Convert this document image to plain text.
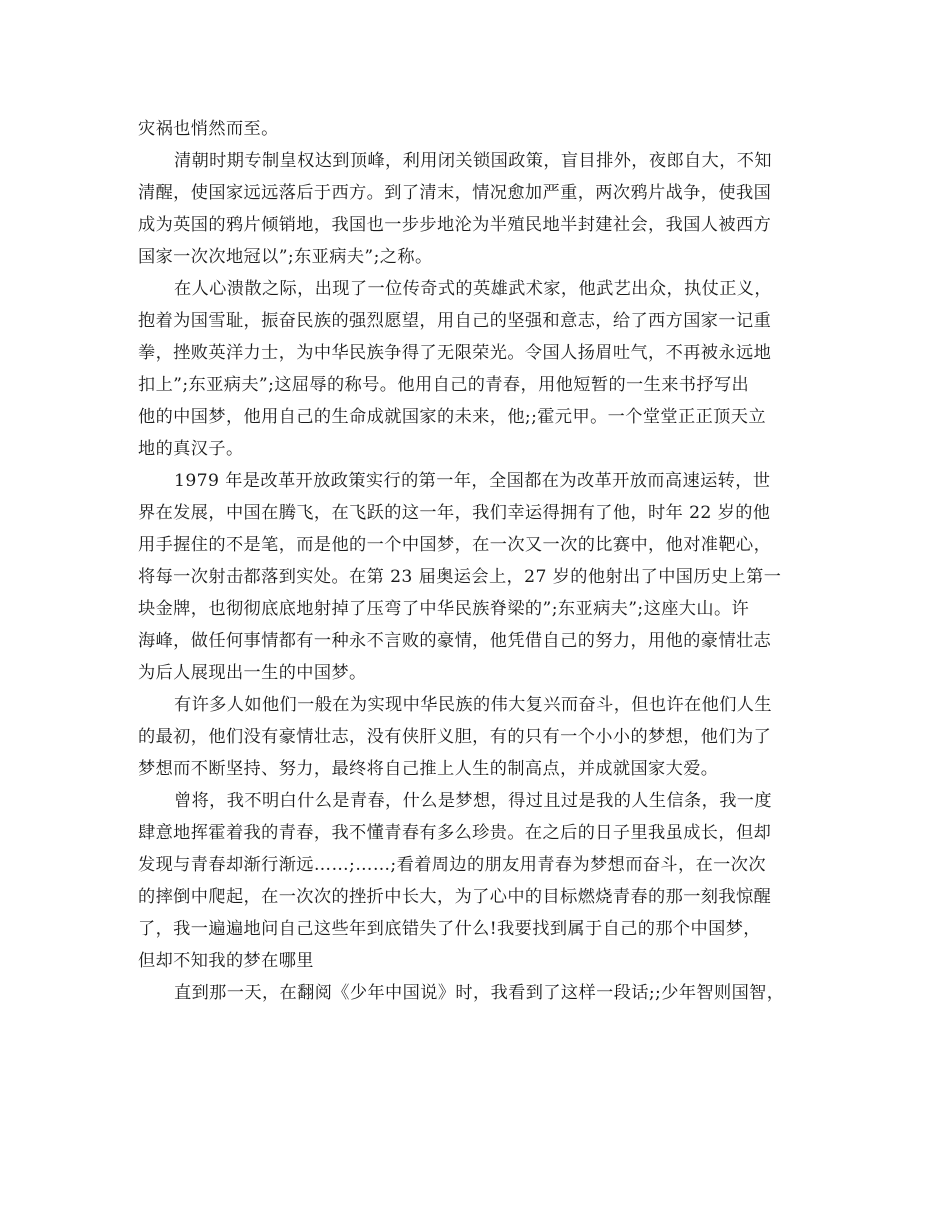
灾祸也悄然而至。
清朝时期专制皇权达到顶峰，利用闭关锁国政策，盲目排外，夜郎自大，不知
清醒，使国家远远落后于西方。到了清末，情况愈加严重，两次鸦片战争，使我国
成为英国的鸦片倾销地，我国也一步步地沦为半殖民地半封建社会，我国人被西方
国家一次次地冠以”;东亚病夫”;之称。
在人心溃散之际，出现了一位传奇式的英雄武术家，他武艺出众，执仗正义，
抱着为国雪耻，振奋民族的强烈愿望，用自己的坚强和意志，给了西方国家一记重
拳，挫败英洋力士，为中华民族争得了无限荣光。令国人扬眉吐气，不再被永远地
扣上”;东亚病夫”;这屈辱的称号。他用自己的青春，用他短暂的一生来书抒写出
他的中国梦，他用自己的生命成就国家的未来，他;;霍元甲。一个堂堂正正顶天立
地的真汉子。
1979 年是改革开放政策实行的第一年，全国都在为改革开放而高速运转，世
界在发展，中国在腾飞，在飞跃的这一年，我们幸运得拥有了他，时年 22 岁的他
用手握住的不是笔，而是他的一个中国梦，在一次又一次的比赛中，他对准靶心，
将每一次射击都落到实处。在第 23 届奥运会上，27 岁的他射出了中国历史上第一
块金牌，也彻彻底底地射掉了压弯了中华民族脊梁的”;东亚病夫”;这座大山。许
海峰，做任何事情都有一种永不言败的豪情，他凭借自己的努力，用他的豪情壮志
为后人展现出一生的中国梦。
有许多人如他们一般在为实现中华民族的伟大复兴而奋斗，但也许在他们人生
的最初，他们没有豪情壮志，没有侠肝义胆，有的只有一个小小的梦想，他们为了
梦想而不断坚持、努力，最终将自己推上人生的制高点，并成就国家大爱。
曾将，我不明白什么是青春，什么是梦想，得过且过是我的人生信条，我一度
肆意地挥霍着我的青春，我不懂青春有多么珍贵。在之后的日子里我虽成长，但却
发现与青春却渐行渐远……;……;看着周边的朋友用青春为梦想而奋斗，在一次次
的摔倒中爬起，在一次次的挫折中长大，为了心中的目标燃烧青春的那一刻我惊醒
了，我一遍遍地问自己这些年到底错失了什么!我要找到属于自己的那个中国梦，
但却不知我的梦在哪里
直到那一天，在翻阅《少年中国说》时，我看到了这样一段话;;少年智则国智，
